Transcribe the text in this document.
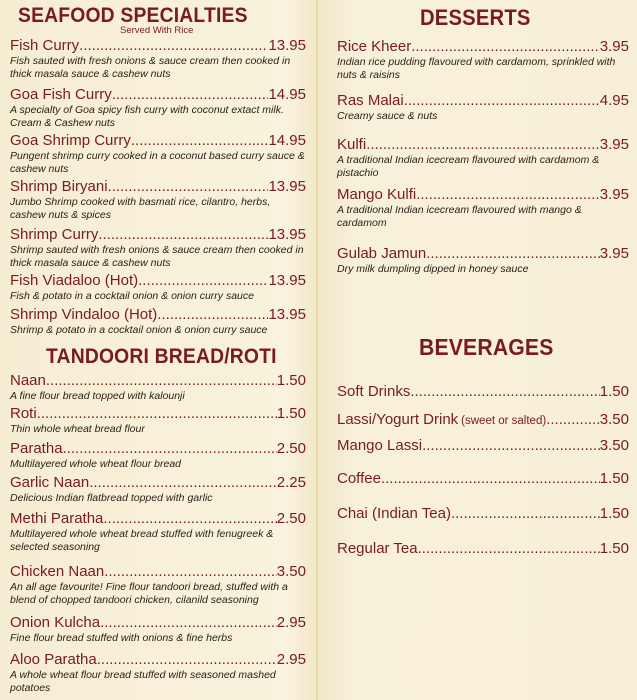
SEAFOOD SPECIALTIES
Served With Rice
Fish Curry .....	13.95
Fish sauted with fresh onions & sauce cream then cooked in thick masala sauce & cashew nuts
Goa Fish Curry .....	14.95
A specialty of Goa spicy fish curry with coconut extact milk. Cream & Cashew nuts
Goa Shrimp Curry .....	14.95
Pungent shrimp curry cooked in a coconut based curry sauce & cashew nuts
Shrimp Biryani .....	13.95
Jumbo Shrimp cooked with basmati rice, cilantro, herbs, cashew nuts & spices
Shrimp Curry .....	13.95
Shrimp sauted with fresh onions & sauce cream then cooked in thick masala sauce & cashew nuts
Fish Viadaloo (Hot) .....	13.95
Fish & potato in a cocktail onion & onion curry sauce
Shrimp Vindaloo (Hot) .....	13.95
Shrimp & potato in a cocktail onion & onion curry sauce
TANDOORI BREAD/ROTI
Naan .....	1.50
A fine flour bread topped with kalounji
Roti .....	1.50
Thin whole wheat bread flour
Paratha .....	2.50
Multilayered whole wheat flour bread
Garlic Naan .....	2.25
Delicious Indian flatbread topped with garlic
Methi Paratha .....	2.50
Multilayered whole wheat bread stuffed with fenugreek & selected seasoning
Chicken Naan .....	3.50
An all age favourite! Fine flour tandoori bread, stuffed with a blend of chopped tandoori chicken, cilanild seasoning
Onion Kulcha .....	2.95
Fine flour bread stuffed with onions & fine herbs
Aloo Paratha .....	2.95
A whole wheat flour bread stuffed with seasoned mashed potatoes
DESSERTS
Rice Kheer .....	3.95
Indian rice pudding flavoured with cardamom, sprinkled with nuts & raisins
Ras Malai .....	4.95
Creamy sauce & nuts
Kulfi .....	3.95
A traditional Indian icecream flavoured with cardamom & pistachio
Mango Kulfi .....	3.95
A traditional Indian icecream flavoured with mango & cardamom
Gulab Jamun .....	3.95
Dry milk dumpling dipped in honey sauce
BEVERAGES
Soft Drinks .....	1.50
Lassi/Yogurt Drink (sweet or salted) .....	3.50
Mango Lassi .....	3.50
Coffee .....	1.50
Chai (Indian Tea) .....	1.50
Regular Tea .....	1.50
